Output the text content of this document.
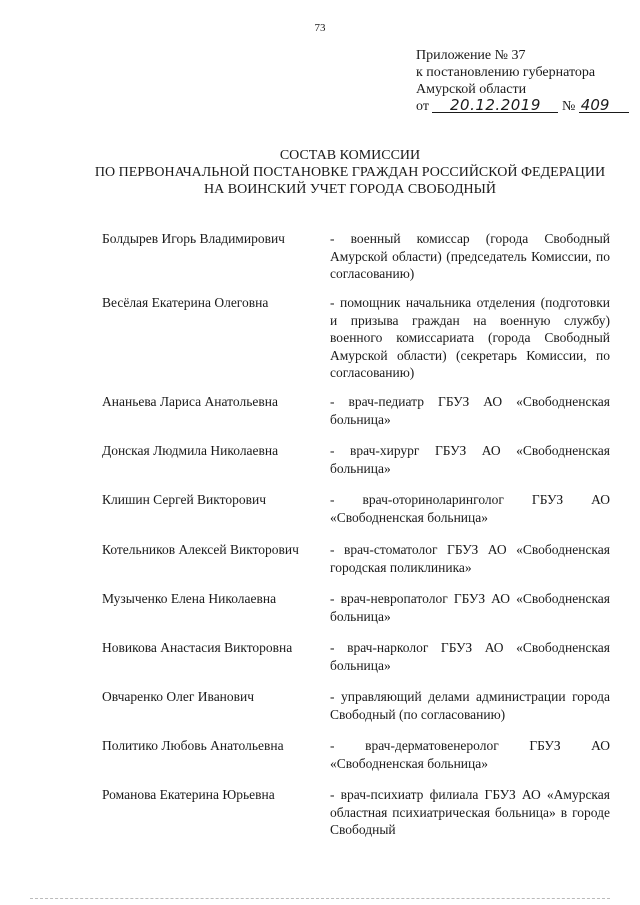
73
Приложение № 37
к постановлению губернатора
Амурской области
от 20.12.2019 № 409
СОСТАВ КОМИССИИ
ПО ПЕРВОНАЧАЛЬНОЙ ПОСТАНОВКЕ ГРАЖДАН РОССИЙСКОЙ ФЕДЕРАЦИИ
НА ВОИНСКИЙ УЧЕТ ГОРОДА СВОБОДНЫЙ
Болдырев Игорь Владимирович	- военный комиссар (города Свободный Амурской области) (председатель Комиссии, по согласованию)
Весёлая Екатерина Олеговна	- помощник начальника отделения (подготовки и призыва граждан на военную службу) военного комиссариата (города Свободный Амурской области) (секретарь Комиссии, по согласованию)
Ананьева Лариса Анатольевна	- врач-педиатр ГБУЗ АО «Свободненская больница»
Донская Людмила Николаевна	- врач-хирург ГБУЗ АО «Свободненская больница»
Клишин Сергей Викторович	- врач-оториноларинголог ГБУЗ АО «Свободненская больница»
Котельников Алексей Викторович - врач-стоматолог ГБУЗ АО «Свободненская городская поликлиника»
Музыченко Елена Николаевна	- врач-невропатолог ГБУЗ АО «Свободненская больница»
Новикова Анастасия Викторовна	- врач-нарколог ГБУЗ АО «Свободненская больница»
Овчаренко Олег Иванович	- управляющий делами администрации города Свободный (по согласованию)
Политико Любовь Анатольевна	- врач-дерматовенеролог ГБУЗ АО «Свободненская больница»
Романова Екатерина Юрьевна	- врач-психиатр филиала ГБУЗ АО «Амурская областная психиатрическая больница» в городе Свободный
